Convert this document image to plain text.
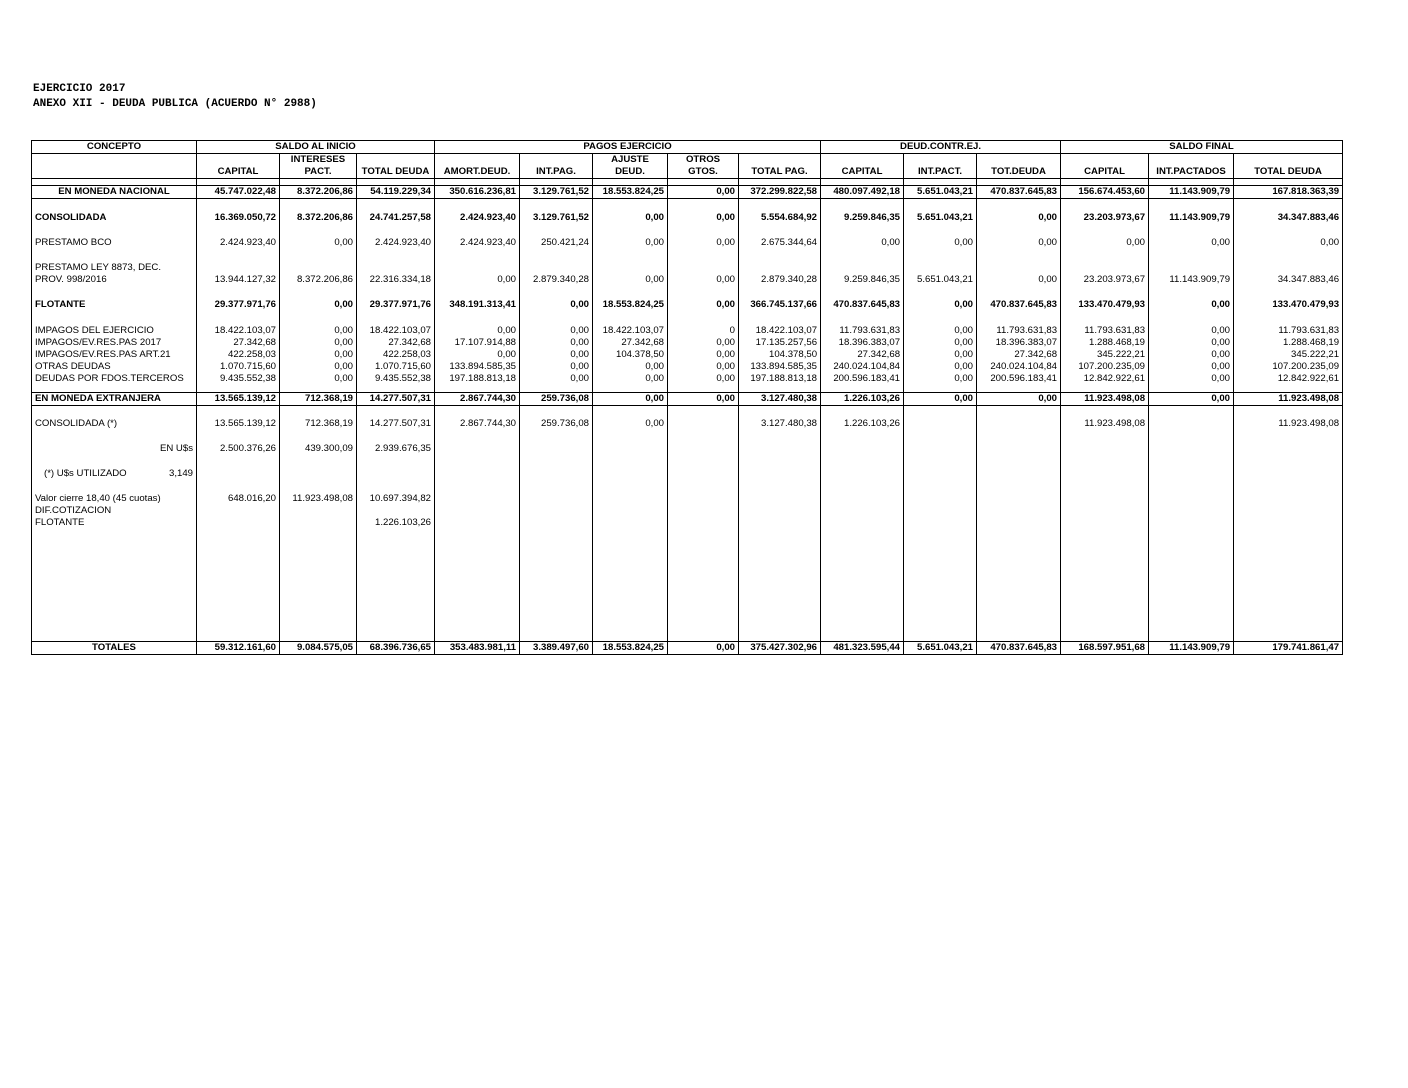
EJERCICIO 2017
ANEXO XII - DEUDA PUBLICA (ACUERDO N° 2988)
CONCEPTO	SALDO AL INICIO			PAGOS EJERCICIO					DEUD.CONTR.EJ.			SALDO FINAL		
		INTERESES				AJUSTE	OTROS							
	CAPITAL	PACT.	TOTAL DEUDA	AMORT.DEUD.	INT.PAG.	DEUD.	GTOS.	TOTAL PAG.	CAPITAL	INT.PACT.	TOT.DEUDA	CAPITAL	INT.PACTADOS	TOTAL DEUDA

EN MONEDA NACIONAL	45.747.022,48	8.372.206,86	54.119.229,34	350.616.236,81	3.129.761,52	18.553.824,25	0,00	372.299.822,58	480.097.492,18	5.651.043,21	470.837.645,83	156.674.453,60	11.143.909,79	167.818.363,39

CONSOLIDADA	16.369.050,72	8.372.206,86	24.741.257,58	2.424.923,40	3.129.761,52	0,00	0,00	5.554.684,92	9.259.846,35	5.651.043,21	0,00	23.203.973,67	11.143.909,79	34.347.883,46

PRESTAMO BCO	2.424.923,40	0,00	2.424.923,40	2.424.923,40	250.421,24	0,00	0,00	2.675.344,64	0,00	0,00	0,00	0,00	0,00	0,00

PRESTAMO LEY 8873, DEC.														
PROV. 998/2016	13.944.127,32	8.372.206,86	22.316.334,18	0,00	2.879.340,28	0,00	0,00	2.879.340,28	9.259.846,35	5.651.043,21	0,00	23.203.973,67	11.143.909,79	34.347.883,46

FLOTANTE	29.377.971,76	0,00	29.377.971,76	348.191.313,41	0,00	18.553.824,25	0,00	366.745.137,66	470.837.645,83	0,00	470.837.645,83	133.470.479,93	0,00	133.470.479,93

IMPAGOS DEL EJERCICIO	18.422.103,07	0,00	18.422.103,07	0,00	0,00	18.422.103,07	0	18.422.103,07	11.793.631,83	0,00	11.793.631,83	11.793.631,83	0,00	11.793.631,83
IMPAGOS/EV.RES.PAS 2017	27.342,68	0,00	27.342,68	17.107.914,88	0,00	27.342,68	0,00	17.135.257,56	18.396.383,07	0,00	18.396.383,07	1.288.468,19	0,00	1.288.468,19
IMPAGOS/EV.RES.PAS ART.21	422.258,03	0,00	422.258,03	0,00	0,00	104.378,50	0,00	104.378,50	27.342,68	0,00	27.342,68	345.222,21	0,00	345.222,21
OTRAS DEUDAS	1.070.715,60	0,00	1.070.715,60	133.894.585,35	0,00	0,00	0,00	133.894.585,35	240.024.104,84	0,00	240.024.104,84	107.200.235,09	0,00	107.200.235,09
DEUDAS POR FDOS.TERCEROS	9.435.552,38	0,00	9.435.552,38	197.188.813,18	0,00	0,00	0,00	197.188.813,18	200.596.183,41	0,00	200.596.183,41	12.842.922,61	0,00	12.842.922,61

EN MONEDA EXTRANJERA	13.565.139,12	712.368,19	14.277.507,31	2.867.744,30	259.736,08	0,00	0,00	3.127.480,38	1.226.103,26	0,00	0,00	11.923.498,08	0,00	11.923.498,08

CONSOLIDADA (*)	13.565.139,12	712.368,19	14.277.507,31	2.867.744,30	259.736,08	0,00		3.127.480,38	1.226.103,26			11.923.498,08		11.923.498,08

EN U$s	2.500.376,26	439.300,09	2.939.676,35											

(*) U$s UTILIZADO 3,149														

Valor cierre 18,40 (45 cuotas)	648.016,20	11.923.498,08	10.697.394,82											
DIF.COTIZACION														
FLOTANTE			1.226.103,26											

TOTALES	59.312.161,60	9.084.575,05	68.396.736,65	353.483.981,11	3.389.497,60	18.553.824,25	0,00	375.427.302,96	481.323.595,44	5.651.043,21	470.837.645,83	168.597.951,68	11.143.909,79	179.741.861,47
